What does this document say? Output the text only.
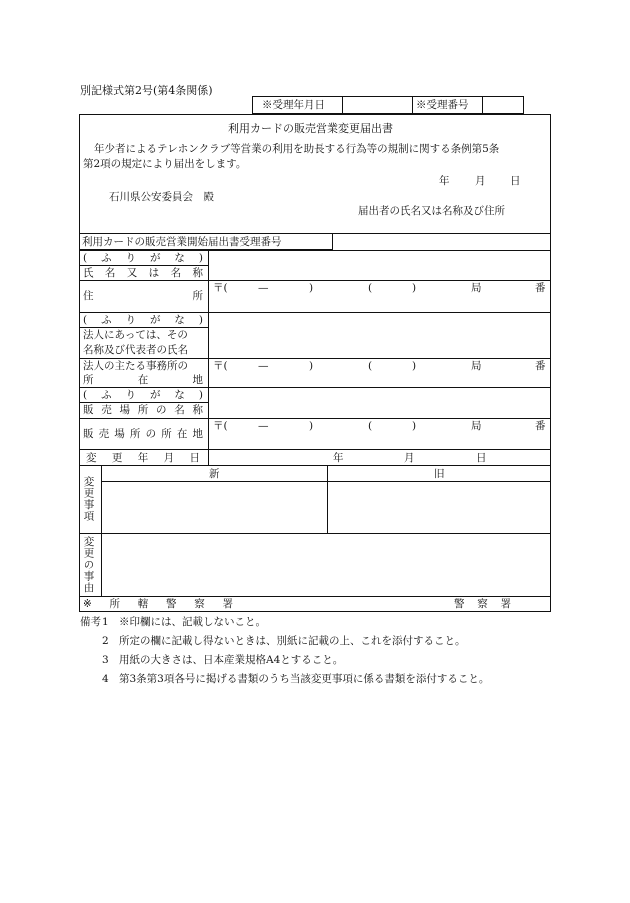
別記様式第2号(第4条関係)
※受理年月日	※受理番号
利用カードの販売営業変更届出書
年少者によるテレホンクラブ等営業の利用を助長する行為等の規制に関する条例第5条
第2項の規定により届出をします。
年 月 日
石川県公安委員会　殿
届出者の氏名又は名称及び住所
利用カードの販売営業開始届出書受理番号
( ふ り が な )
氏 名 又 は 名 称
住	所
〒(	—	)	(	)	局	番
( ふ り が な )
法人にあっては、その
名称及び代表者の氏名
法人の主たる事務所の
所	在	地
〒(	—	)	(	)	局	番
( ふ り が な )
販 売 場 所 の 名 称
販 売 場 所 の 所 在 地
〒(	—	)	(	)	局	番
変 更 年 月 日	年	月	日
変更事項
新	旧
変更の事由
※ 所 轄 警 察 署	警 察 署
備考 1 ※印欄には、記載しないこと。
2 所定の欄に記載し得ないときは、別紙に記載の上、これを添付すること。
3 用紙の大きさは、日本産業規格A4とすること。
4 第3条第3項各号に掲げる書類のうち当該変更事項に係る書類を添付すること。
